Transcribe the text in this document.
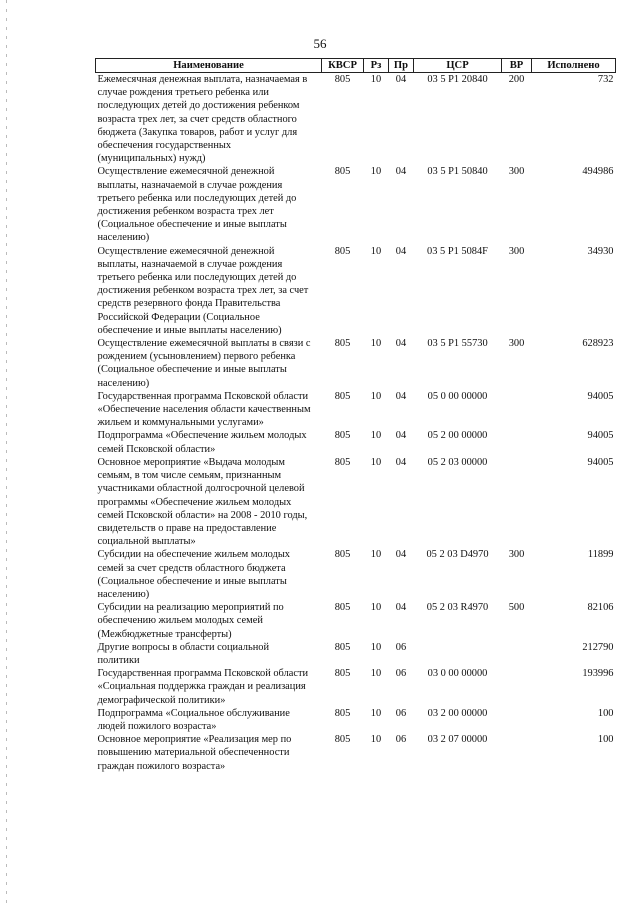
56
Наименование	КВСР	Рз	Пр	ЦСР	ВР	Исполнено
Ежемесячная денежная выплата, назначаемая в случае рождения третьего ребенка или последующих детей до достижения ребенком возраста трех лет, за счет средств областного бюджета (Закупка товаров, работ и услуг для обеспечения государственных (муниципальных) нужд)	805	10	04	03 5 P1 20840	200	732
Осуществление ежемесячной денежной выплаты, назначаемой в случае рождения третьего ребенка или последующих детей до достижения ребенком возраста трех лет (Социальное обеспечение и иные выплаты населению)	805	10	04	03 5 P1 50840	300	494986
Осуществление ежемесячной денежной выплаты, назначаемой в случае рождения третьего ребенка или последующих детей до достижения ребенком возраста трех лет, за счет средств резервного фонда Правительства Российской Федерации (Социальное обеспечение и иные выплаты населению)	805	10	04	03 5 P1 5084F	300	34930
Осуществление ежемесячной выплаты в связи с рождением (усыновлением) первого ребенка (Социальное обеспечение и иные выплаты населению)	805	10	04	03 5 P1 55730	300	628923
Государственная программа Псковской области «Обеспечение населения области качественным жильем и коммунальными услугами»	805	10	04	05 0 00 00000		94005
Подпрограмма «Обеспечение жильем молодых семей Псковской области»	805	10	04	05 2 00 00000		94005
Основное мероприятие «Выдача молодым семьям, в том числе семьям, признанным участниками областной долгосрочной целевой программы «Обеспечение жильем молодых семей Псковской области» на 2008 - 2010 годы, свидетельств о праве на предоставление социальной выплаты»	805	10	04	05 2 03 00000		94005
Субсидии на обеспечение жильем молодых семей за счет средств областного бюджета (Социальное обеспечение и иные выплаты населению)	805	10	04	05 2 03 D4970	300	11899
Субсидии на реализацию мероприятий по обеспечению жильем молодых семей (Межбюджетные трансферты)	805	10	04	05 2 03 R4970	500	82106
Другие вопросы в области социальной политики	805	10	06			212790
Государственная программа Псковской области «Социальная поддержка граждан и реализация демографической политики»	805	10	06	03 0 00 00000		193996
Подпрограмма «Социальное обслуживание людей пожилого возраста»	805	10	06	03 2 00 00000		100
Основное мероприятие «Реализация мер по повышению материальной обеспеченности граждан пожилого возраста»	805	10	06	03 2 07 00000		100
